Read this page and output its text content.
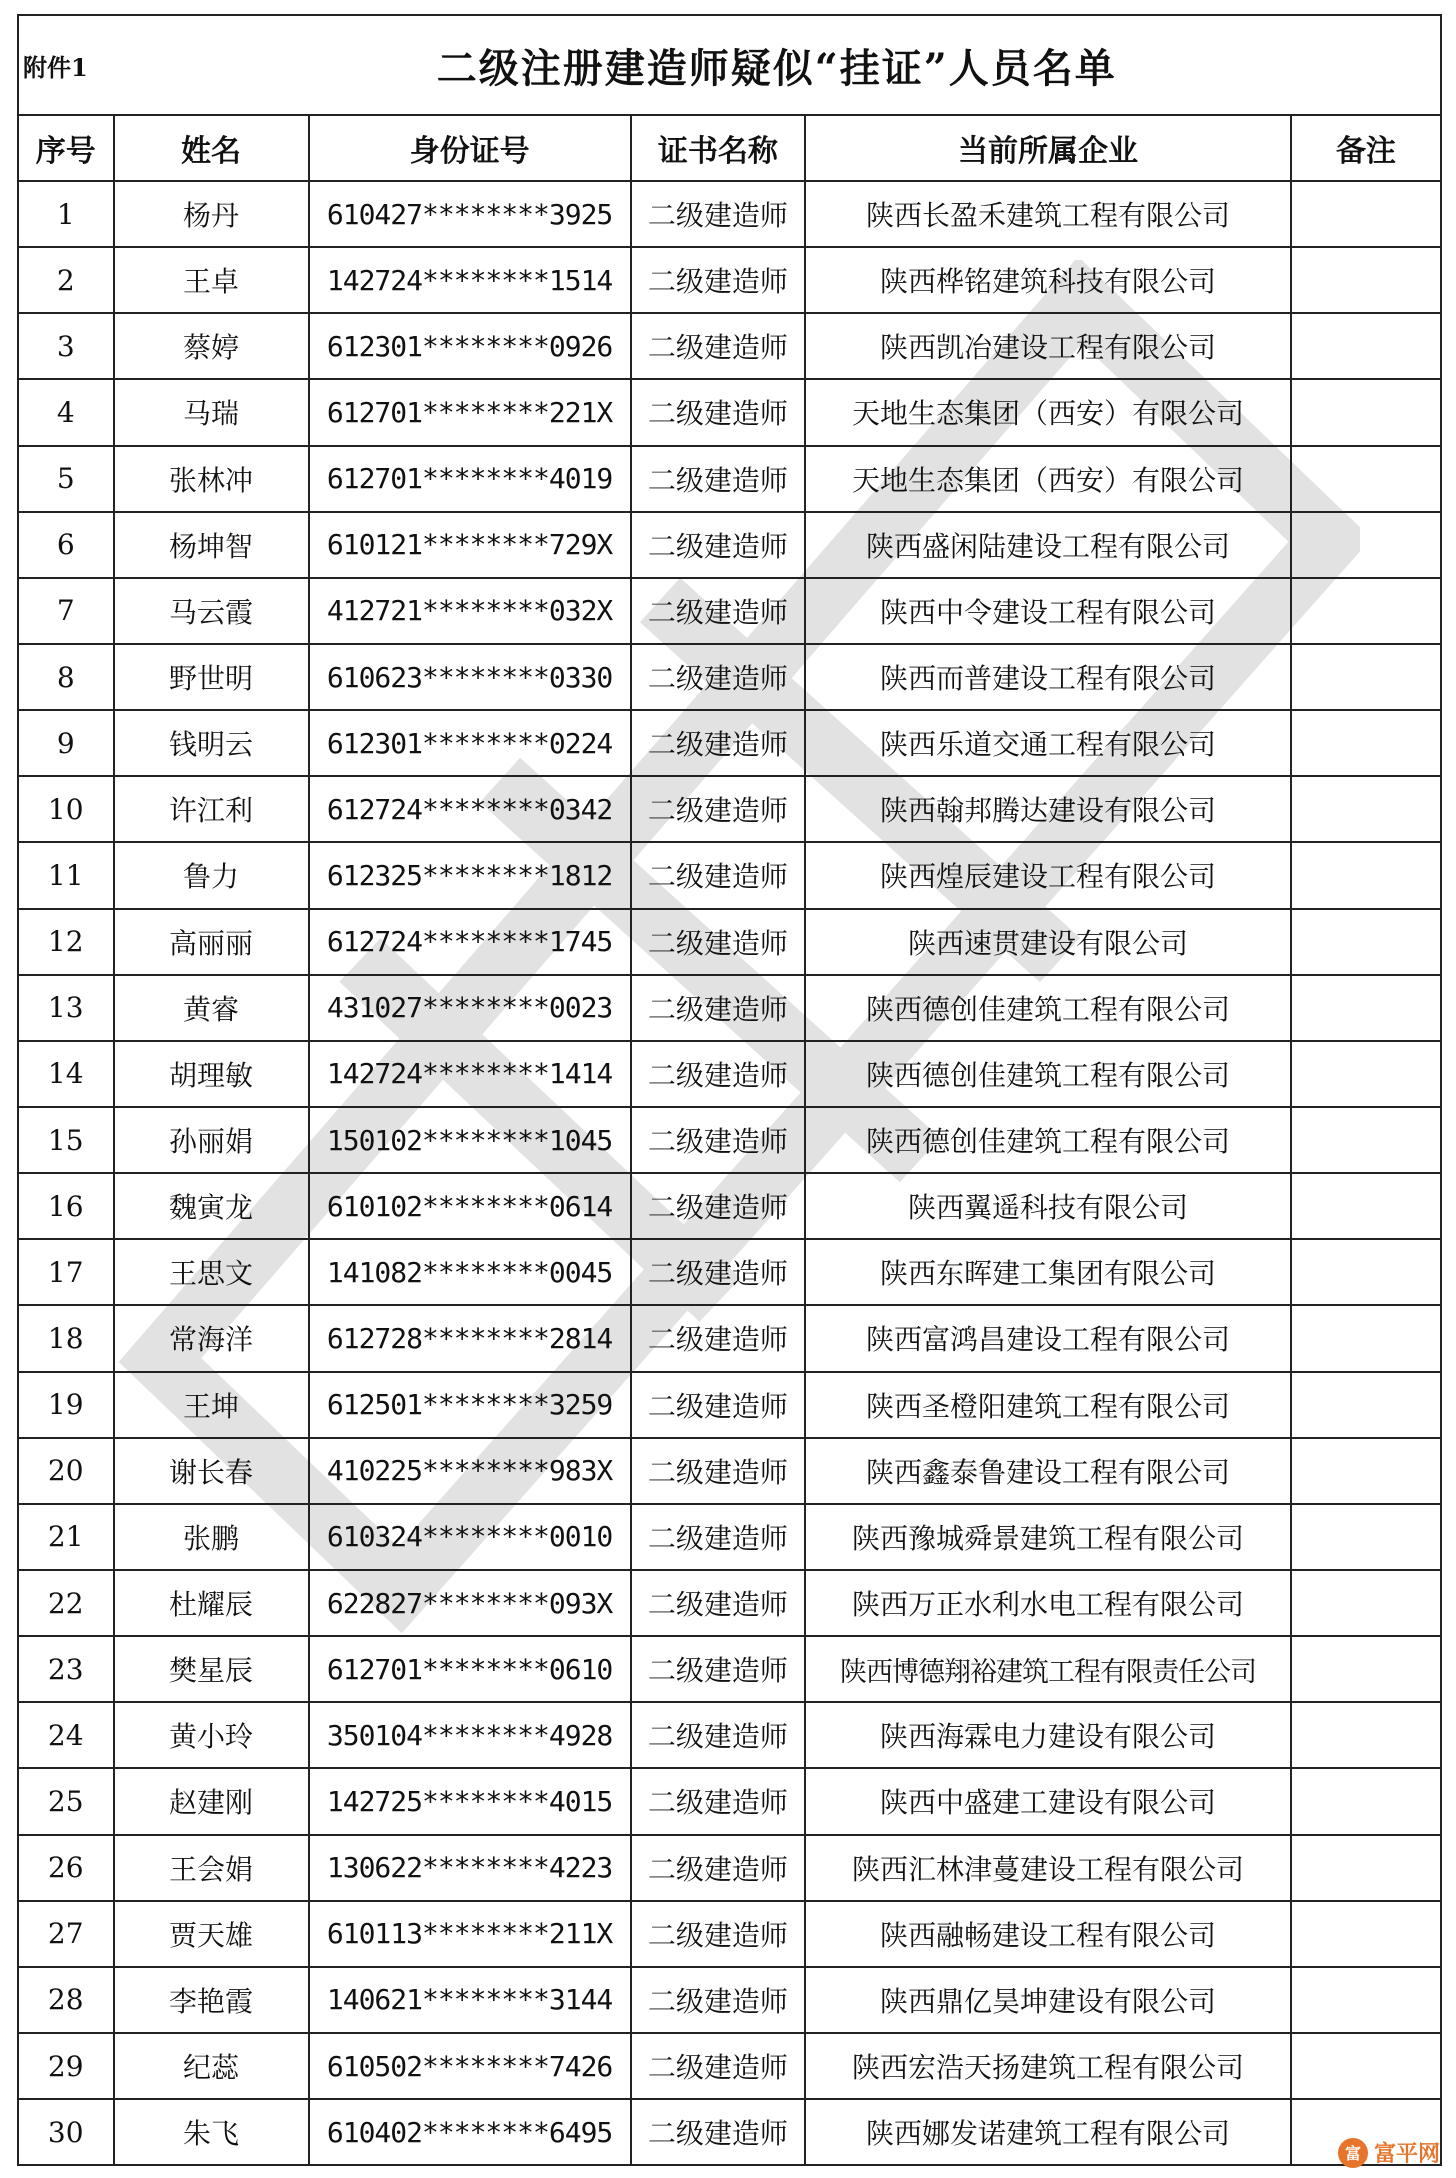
附件1	二级注册建造师疑似“挂证”人员名单				
序号	姓名	身份证号	证书名称	当前所属企业	备注
1	杨丹	610427********3925	二级建造师	陕西长盈禾建筑工程有限公司	
2	王卓	142724********1514	二级建造师	陕西桦铭建筑科技有限公司	
3	蔡婷	612301********0926	二级建造师	陕西凯冶建设工程有限公司	
4	马瑞	612701********221X	二级建造师	天地生态集团（西安）有限公司	
5	张林冲	612701********4019	二级建造师	天地生态集团（西安）有限公司	
6	杨坤智	610121********729X	二级建造师	陕西盛闲陆建设工程有限公司	
7	马云霞	412721********032X	二级建造师	陕西中令建设工程有限公司	
8	野世明	610623********0330	二级建造师	陕西而普建设工程有限公司	
9	钱明云	612301********0224	二级建造师	陕西乐道交通工程有限公司	
10	许江利	612724********0342	二级建造师	陕西翰邦腾达建设有限公司	
11	鲁力	612325********1812	二级建造师	陕西煌辰建设工程有限公司	
12	高丽丽	612724********1745	二级建造师	陕西速贯建设有限公司	
13	黄睿	431027********0023	二级建造师	陕西德创佳建筑工程有限公司	
14	胡理敏	142724********1414	二级建造师	陕西德创佳建筑工程有限公司	
15	孙丽娟	150102********1045	二级建造师	陕西德创佳建筑工程有限公司	
16	魏寅龙	610102********0614	二级建造师	陕西翼遥科技有限公司	
17	王思文	141082********0045	二级建造师	陕西东晖建工集团有限公司	
18	常海洋	612728********2814	二级建造师	陕西富鸿昌建设工程有限公司	
19	王坤	612501********3259	二级建造师	陕西圣橙阳建筑工程有限公司	
20	谢长春	410225********983X	二级建造师	陕西鑫泰鲁建设工程有限公司	
21	张鹏	610324********0010	二级建造师	陕西豫城舜景建筑工程有限公司	
22	杜耀辰	622827********093X	二级建造师	陕西万正水利水电工程有限公司	
23	樊星辰	612701********0610	二级建造师	陕西博德翔裕建筑工程有限责任公司	
24	黄小玲	350104********4928	二级建造师	陕西海霖电力建设有限公司	
25	赵建刚	142725********4015	二级建造师	陕西中盛建工建设有限公司	
26	王会娟	130622********4223	二级建造师	陕西汇林津蔓建设工程有限公司	
27	贾天雄	610113********211X	二级建造师	陕西融畅建设工程有限公司	
28	李艳霞	140621********3144	二级建造师	陕西鼎亿昊坤建设有限公司	
29	纪蕊	610502********7426	二级建造师	陕西宏浩天扬建筑工程有限公司	
30	朱飞	610402********6495	二级建造师	陕西娜发诺建筑工程有限公司	
富 富平网
